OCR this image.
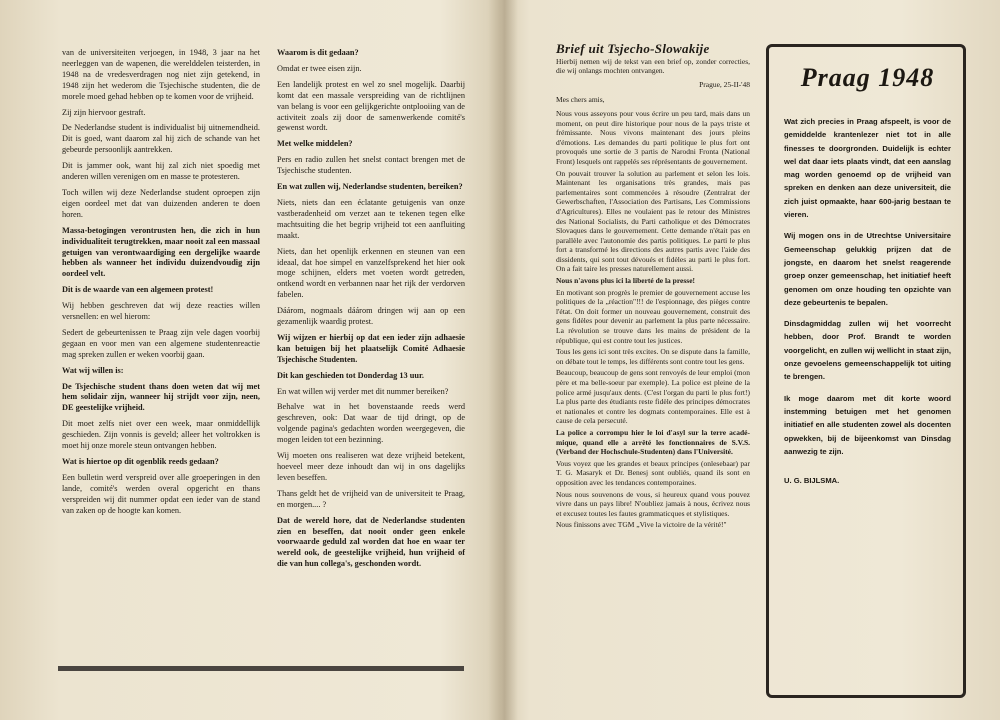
van de universiteiten verjoegen, in 1948, 3 jaar na het neerleggen van de wapenen, die werelddelen teisterden, in 1948 na de vredesverdragen nog niet zijn getekend, in 1948 zijn het wederom die Tsjechische studenten, die de morele moed gehad hebben op te komen voor de vrijheid.

Zij zijn hiervoor gestraft.

De Nederlandse student is individualist bij uitnemendheid. Dit is goed, want daarom zal hij zich de schande van het gebeurde persoonlijk aantrekken.

Dit is jammer ook, want hij zal zich niet spoedig met anderen willen verenigen om en masse te protesteren.

Toch willen wij deze Nederlandse student oproepen zijn eigen oordeel met dat van duizenden anderen te doen horen.

Massa-betogingen verontrusten hen, die zich in hun individualiteit terugtrekken, maar nooit zal een massaal getuigen van verontwaardiging een dergelijke waarde hebben als wanneer het individu duizendvoudig zijn oordeel velt.

Dit is de waarde van een algemeen protest!

Wij hebben geschreven dat wij deze reacties willen versnellen: en wel hierom:

Sedert de gebeurtenissen te Praag zijn vele dagen voorbij gegaan en voor men van een algemene studentenreactie mag spreken zullen er weken voorbij gaan.

Wat wij willen is:

De Tsjechische student thans doen weten dat wij met hem solidair zijn, wanneer hij strijdt voor zijn, neen, DE geestelijke vrijheid.

Dit moet zelfs niet over een week, maar onmiddellijk geschieden. Zijn vonnis is geveld; alleer het voltrokken is moet hij onze morele steun ontvangen hebben.

Wat is hiertoe op dit ogenblik reeds gedaan?

Een bulletin werd verspreid over alle groeperingen in den lande, comité's werden overal opgericht en thans verspreiden wij dit nummer opdat een ieder van de stand van zaken op de hoogte kan komen.

Waarom is dit gedaan?

Omdat er twee eisen zijn.

Een landelijk protest en wel zo snel mogelijk. Daarbij komt dat een massale verspreiding van de richtlijnen van belang is voor een gelijkgerichte ontplooiing van de activiteit zoals zij door de samenwerkende comité's gewenst wordt.

Met welke middelen?

Pers en radio zullen het snelst contact brengen met de Tsjechische studenten.

En wat zullen wij, Nederlandse studenten, bereiken?

Niets, niets dan een éclatante getuigenis van onze vastberadenheid om verzet aan te tekenen tegen elke machtsuiting die het begrip vrijheid tot een aanfluiting maakt.

Niets, dan het openlijk erkennen en steunen van een ideaal, dat hoe simpel en vanzelfsprekend het hier ook moge schijnen, elders met voeten wordt getreden, ontkend wordt en verbannen naar het rijk der verdorven fabelen.

Dáárom, nogmaals dáárom dringen wij aan op een gezamenlijk waardig protest.

Wij wijzen er hierbij op dat een ieder zijn adhaesie kan betuigen bij het plaatselijk Comité Adhaesie Tsjechische Studenten.

Dit kan geschieden tot Donderdag 13 uur.

En wat willen wij verder met dit nummer bereiken?

Behalve wat in het bovenstaande reeds werd geschreven, ook: Dat waar de tijd dringt, op de volgende pagina's gedachten worden weergegeven, die mogen leiden tot een bezinning.

Wij moeten ons realiseren wat deze vrijheid betekent, hoeveel meer deze inhoudt dan wij in ons dagelijks leven beseffen.

Thans geldt het de vrijheid van de universiteit te Praag, en morgen.... ?

Dat de wereld hore, dat de Nederlandse studenten zien en beseffen, dat nooit onder geen enkele voorwaarde geduld zal worden dat hoe en waar ter wereld ook, de geestelijke vrijheid, hun vrijheid of die van hun collega's, geschonden wordt.

Brief uit Tsjecho-Slowakije

Hierbij nemen wij de tekst van een brief op, zonder correcties, die wij onlangs mochten ontvangen.

Prague, 25-II-'48

Mes chers amis,

Nous vous asseyons pour vous écrire un peu tard, mais dans un moment, on peut dire historique pour nous de la pays triste et frémissante. Nous vivons maintenant des jours pleins d'émotions. Les demandes du parti politique le plus fort ont provoqués une sortie de 3 partis de Narodni Fronta (National Front) lesquels ont rappelés ses réprésentants de gouvernement.

On pouvait trouver la solution au parlement et selon les lois. Maintenant les organisations très grandes, mais pas parlementaires sont commencées à résoudre (Zentralrat der Gewerbschaften, l'Association des Partisans, Les Commissions d'Agricultures). Elles ne voulaient pas le retour des Ministres des National Socialists, du Parti catholique et des Démocrates Slovaques dans le gouvernement. Cette demande n'était pas en parallèle avec l'autonomie des partis politiques. Le parti le plus fort a transformé les directions des autres partis avec l'aide des dissidents, qui sont tout dévoués et fidèles au parti le plus fort. On a fait taire les presses naturellement aussi.

Nous n'avons plus ici la liberté de la presse!

En motivant son progrès le premier de gouvernement accuse les politiques de la „réaction"!!! de l'espionnage, des pièges contre l'état. On doit former un nouveau gouvernement, construit des gens fidèles pour devenir au parlement la plus parte nécessaire. La révolution se trouve dans les mains de président de la république, qui est contre tout les justices.

Tous les gens ici sont très excites. On se dispute dans la famille, on débate tout le temps, les différents sont contre tout les gens.

Beaucoup, beaucoup de gens sont renvoyés de leur emploi (mon père et ma belle-soeur par exemple). La police est pleine de la police armé jusqu'aux dents. (C'est l'organ du parti le plus fort!) La plus parte des étudiants reste fidèle des principes démocrates et nationales et contre les dogmats contemporaines. Elle est à cause de cela persecuté.

La police a corrompu hier le loi d'asyl sur la terre académique, quand elle a arrêté les fonctionnaires de S.V.S. (Verband der Hochschule-Studenten) dans l'Université.

Vous voyez que les grandes et beaux principes (onlesebaar) par T. G. Masaryk et Dr. Benesj sont oubliés, quand ils sont en opposition avec les tendances contemporaines.

Nous nous souvenons de vous, si heureux quand vous pouvez vivre dans un pays libre! N'oubliez jamais à nous, écrivez nous et excusez toutes les fautes grammaticques et stylistiques.

Nous finissons avec TGM „Vive la victoire de la vérité!"

Praag 1948

Wat zich precies in Praag afspeelt, is voor de gemiddelde krantenlezer niet tot in alle finesses te doorgronden. Duidelijk is echter wel dat daar iets plaats vindt, dat een aanslag mag worden genoemd op de vrijheid van spreken en denken aan deze universiteit, die zich juist opmaakte, haar 600-jarig bestaan te vieren.

Wij mogen ons in de Utrechtse Universitaire Gemeenschap gelukkig prijzen dat de jongste, en daarom het snelst reagerende groep onzer gemeenschap, het initiatief heeft genomen om onze houding ten opzichte van deze gebeurtenis te bepalen.

Dinsdagmiddag zullen wij het voorrecht hebben, door Prof. Brandt te worden voorgelicht, en zullen wij wellicht in staat zijn, onze gevoelens gemeenschappelijk tot uiting te brengen.

Ik moge daarom met dit korte woord instemming betuigen met het genomen initiatief en alle studenten zowel als docenten opwekken, bij de bijeenkomst van Dinsdag aanwezig te zijn.

U. G. BIJLSMA.
